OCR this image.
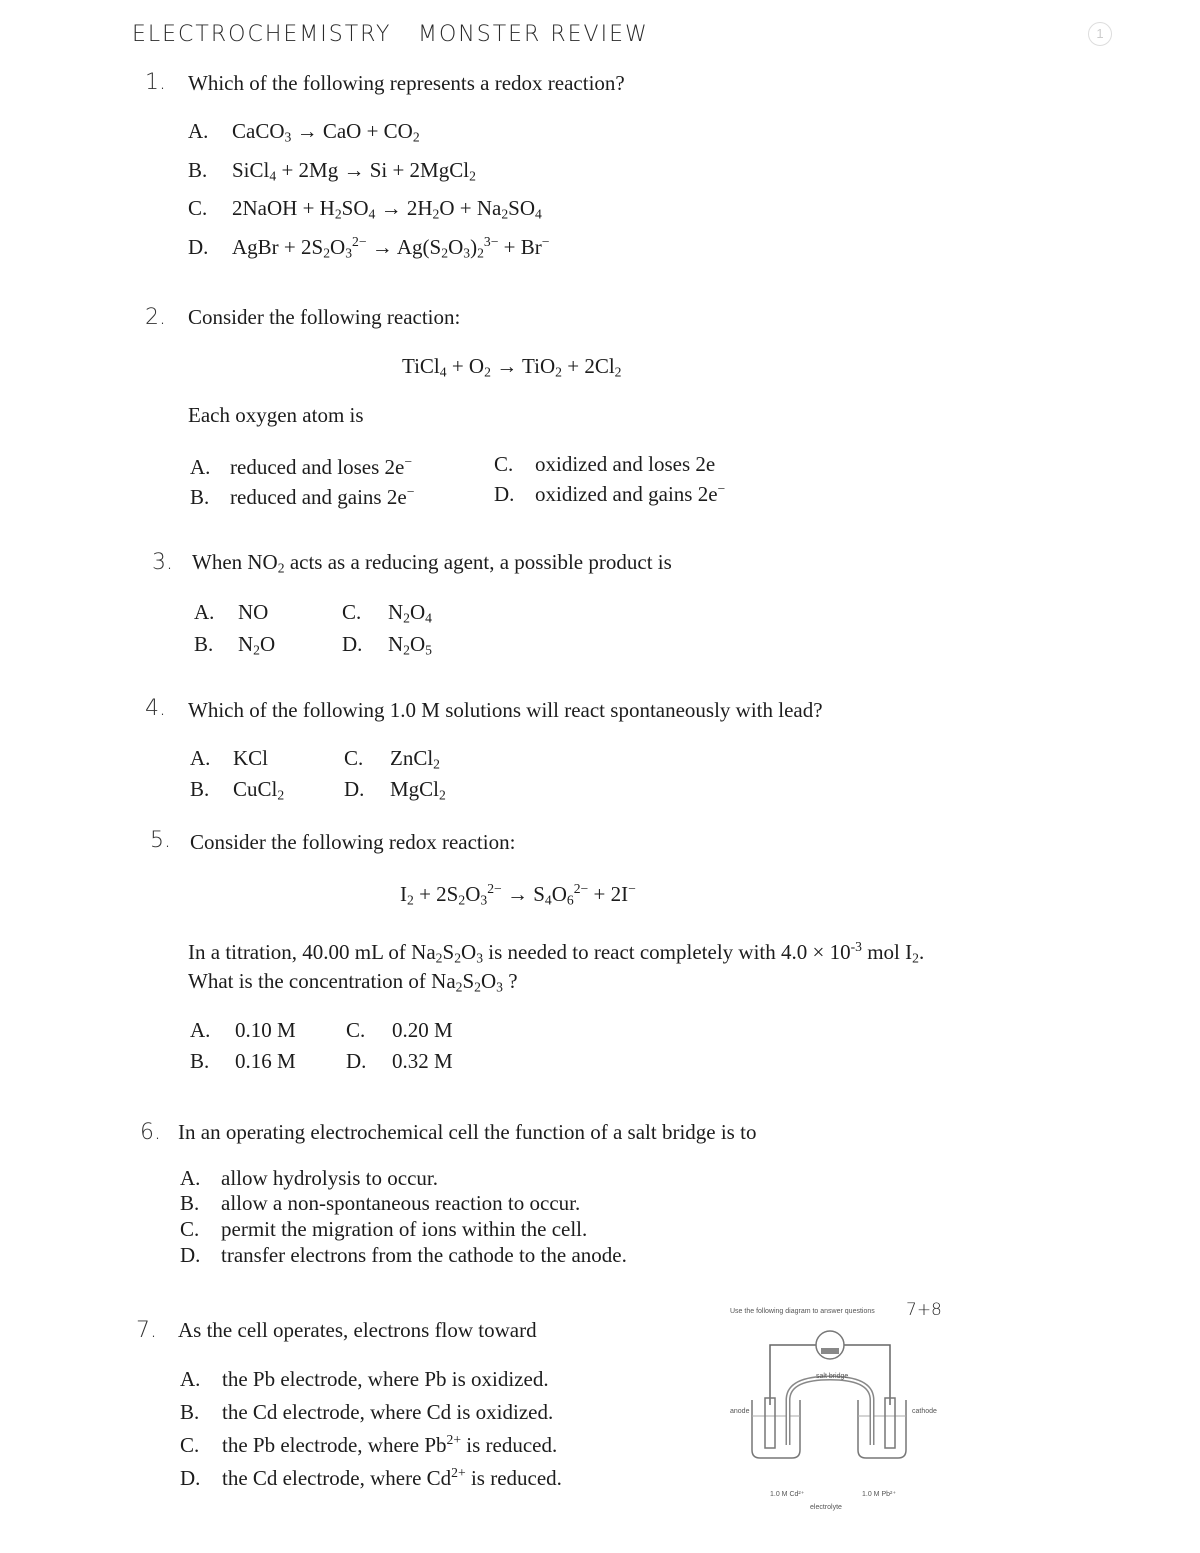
ELECTROCHEMISTRY MONSTER REVIEW	1
1. Which of the following represents a redox reaction?
A. CaCO$_3$ → CaO + $CO_2$
B. SiCl$_4$ + 2Mg → Si + 2MgCl$_2$
C. 2NaOH + $H_2SO_4 \to 2H_2O + Na_2SO_4$
D. AgBr + $2S_2O_3^{2-} \to Ag(S_2O_3)_2^{3-} + Br^-$
2. Consider the following reaction:
TiCl$_4$ + $O_2 \to TiO_2 + 2Cl_2$
Each oxygen atom is
A. reduced and loses 2e−
B. reduced and gains 2e−
C. oxidized and loses 2e
D. oxidized and gains 2e−
3. When $NO_2$ acts as a reducing agent, a possible product is
A. NO
B. $N_2O$
C. $N_2O_4$
D. $N_2O_5$
4. Which of the following 1.0 M solutions will react spontaneously with lead?
A. KCl
B. CuCl$_2$
C. ZnCl$_2$
D. MgCl$_2$
5. Consider the following redox reaction:
$I_2 + 2S_2O_3^{2-} \to S_4O_6^{2-} + 2I^-$
In a titration, 40.00 mL of $Na_2S_2O_3$ is needed to react completely with $4.0 \times 10^{-3}$ mol $I_2$.
What is the concentration of $Na_2S_2O_3$ ?
A. 0.10 M
B. 0.16 M
C. 0.20 M
D. 0.32 M
6. In an operating electrochemical cell the function of a salt bridge is to
A. allow hydrolysis to occur.
B. allow a non-spontaneous reaction to occur.
C. permit the migration of ions within the cell.
D. transfer electrons from the cathode to the anode.
7. As the cell operates, electrons flow toward
A. the Pb electrode, where Pb is oxidized.
B. the Cd electrode, where Cd is oxidized.
C. the Pb electrode, where $Pb^{2+}$ is reduced.
D. the Cd electrode, where $Cd^{2+}$ is reduced.
Use the following diagram to answer questions 7+8
Volts
salt bridge
anode	cathode
1.0 M Cd²⁺	1.0 M Pb²⁺
electrolyte
